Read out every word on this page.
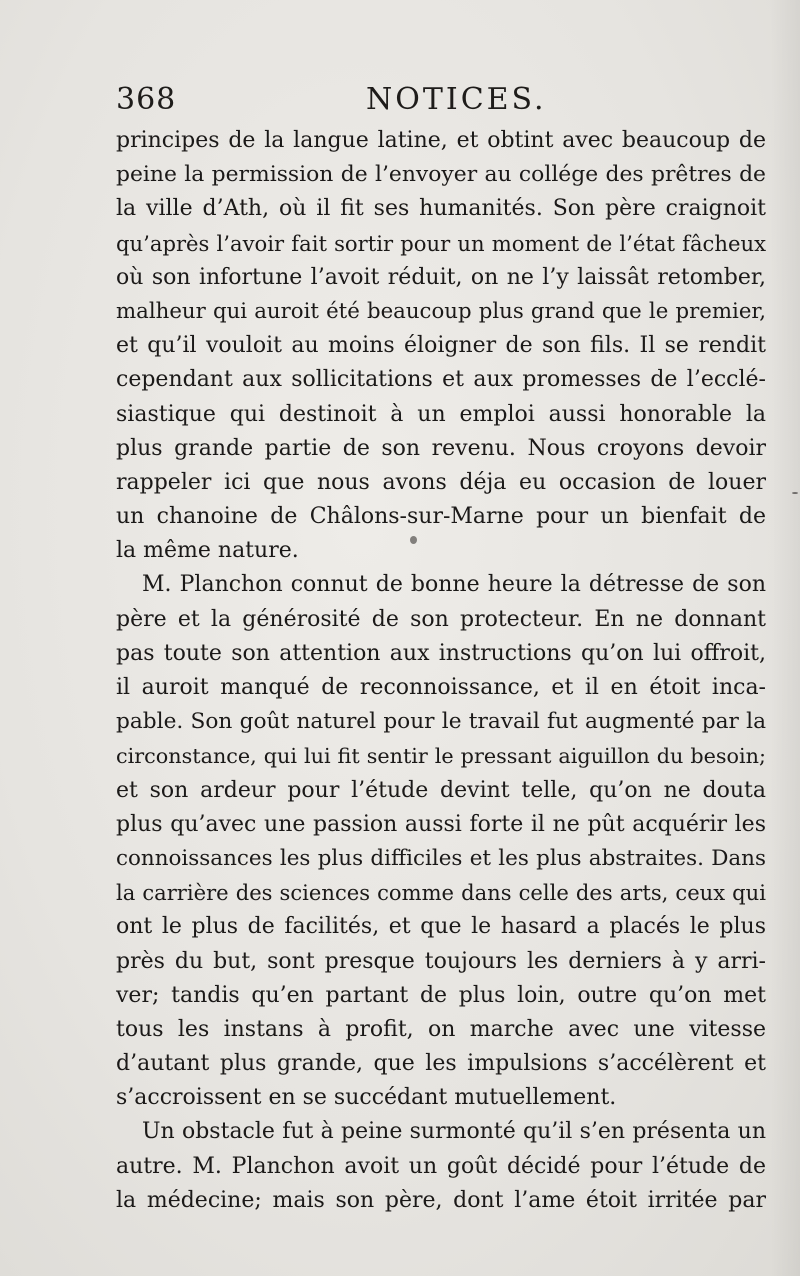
368	NOTICES.
principes de la langue latine, et obtint avec beaucoup de
peine la permission de l’envoyer au collége des prêtres de
la ville d’Ath, où il fit ses humanités. Son père craignoit
qu’après l’avoir fait sortir pour un moment de l’état fâcheux
où son infortune l’avoit réduit, on ne l’y laissât retomber,
malheur qui auroit été beaucoup plus grand que le premier,
et qu’il vouloit au moins éloigner de son fils. Il se rendit
cependant aux sollicitations et aux promesses de l’ecclé-
siastique qui destinoit à un emploi aussi honorable la
plus grande partie de son revenu. Nous croyons devoir
rappeler ici que nous avons déja eu occasion de louer
un chanoine de Châlons-sur-Marne pour un bienfait de
la même nature.
M. Planchon connut de bonne heure la détresse de son
père et la générosité de son protecteur. En ne donnant
pas toute son attention aux instructions qu’on lui offroit,
il auroit manqué de reconnoissance, et il en étoit inca-
pable. Son goût naturel pour le travail fut augmenté par la
circonstance, qui lui fit sentir le pressant aiguillon du besoin;
et son ardeur pour l’étude devint telle, qu’on ne douta
plus qu’avec une passion aussi forte il ne pût acquérir les
connoissances les plus difficiles et les plus abstraites. Dans
la carrière des sciences comme dans celle des arts, ceux qui
ont le plus de facilités, et que le hasard a placés le plus
près du but, sont presque toujours les derniers à y arri-
ver; tandis qu’en partant de plus loin, outre qu’on met
tous les instans à profit, on marche avec une vitesse
d’autant plus grande, que les impulsions s’accélèrent et
s’accroissent en se succédant mutuellement.
Un obstacle fut à peine surmonté qu’il s’en présenta un
autre. M. Planchon avoit un goût décidé pour l’étude de
la médecine; mais son père, dont l’ame étoit irritée par
